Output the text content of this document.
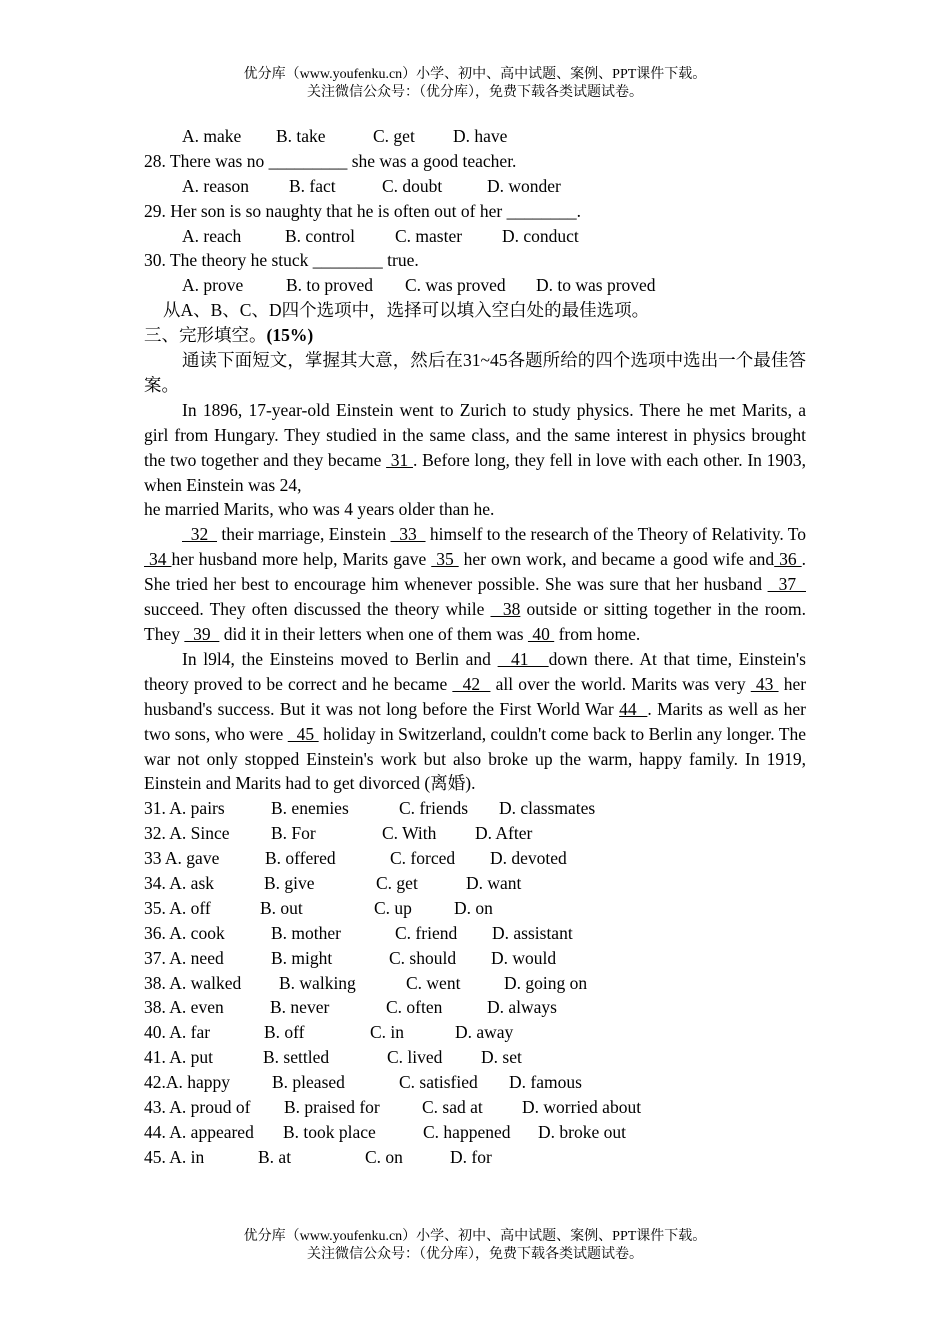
优分库（www.youfenku.cn）小学、初中、高中试题、案例、PPT课件下载。
关注微信公众号：（优分库），免费下载各类试题试卷。
A. make B. take	C. get D. have
28. There was no _________ she was a good teacher.
A. reason B. fact	C. doubt	D. wonder
29. Her son is so naughty that he is often out of her ________.
A. reach B. control C. master D. conduct
30. The theory he stuck ________ true.
A. prove B. to proved C. was proved D. to was proved
从A、B、C、D四个选项中，选择可以填入空白处的最佳选项。
三、完形填空。(15%)
通读下面短文，掌握其大意，然后在31~45各题所给的四个选项中选出一个最佳答案。
In 1896, 17-year-old Einstein went to Zurich to study physics. There he met Marits, a girl from Hungary. They studied in the same class, and the same interest in physics brought the two together and they became  31 . Before long, they fell in love with each other. In 1903, when Einstein was 24,
he married Marits, who was 4 years older than he.
32   their marriage, Einstein   33   himself to the research of the Theory of Relativity. To 34 her husband more help, Marits gave  35  her own work, and became a good wife and 36 . She tried her best to encourage him whenever possible. She was sure that her husband   37   succeed. They often discussed the theory while   38 outside or sitting together in the room. They   39   did it in their letters when one of them was  40  from home.
In l9l4, the Einsteins moved to Berlin and   41   down there. At that time, Einstein's theory proved to be correct and he became   42   all over the world. Marits was very  43  her husband's success. But it was not long before the First World War 44  . Marits as well as her two sons, who were   45  holiday in Switzerland, couldn't come back to Berlin any longer. The war not only stopped Einstein's work but also broke up the warm, happy family. In 1919, Einstein and Marits had to get divorced (离婚).
31. A. pairs	B. enemies	C. friends D. classmates
32. A. Since B. For	C. With D. After
33 A. gave	B. offered	C. forced D. devoted
34. A. ask	B. give	C. get	D. want
35. A. off	B. out	C. up D. on
36. A. cook	B. mother	C. friend D. assistant
37. A. need	B. might	C. should D. would
38. A. walked B. walking	C. went D. going on
38. A. even	B. never	C. often	D. always
40. A. far	B. off	C. in	D. away
41. A. put	B. settled	C. lived D. set
42.A. happy B. pleased	C. satisfied D. famous
43. A. proud of B. praised for C. sad at D. worried about
44. A. appeared B. took place	C. happened D. broke out
45. A. in	B. at	C. on	D. for
优分库（www.youfenku.cn）小学、初中、高中试题、案例、PPT课件下载。
关注微信公众号：（优分库），免费下载各类试题试卷。
